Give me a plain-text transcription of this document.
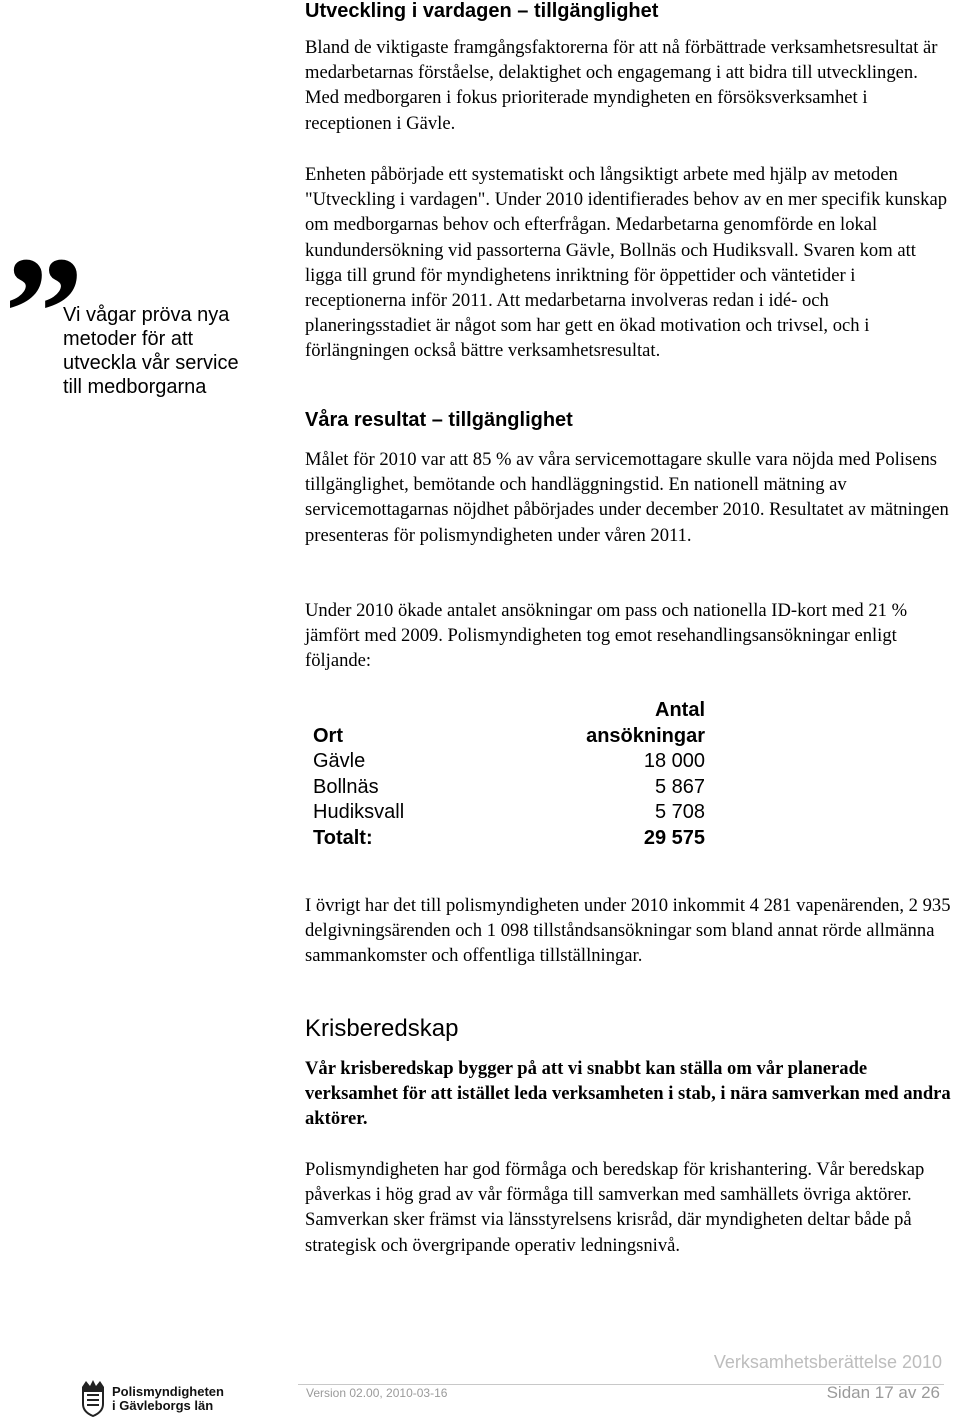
Utveckling i vardagen – tillgänglighet

Bland de viktigaste framgångsfaktorerna för att nå förbättrade verksamhetsresultat är medarbetarnas förståelse, delaktighet och engagemang i att bidra till utvecklingen. Med medborgaren i fokus prioriterade myndigheten en försöksverksamhet i receptionen i Gävle.

Enheten påbörjade ett systematiskt och långsiktigt arbete med hjälp av metoden "Utveckling i vardagen". Under 2010 identifierades behov av en mer specifik kunskap om medborgarnas behov och efterfrågan. Medarbetarna genomförde en lokal kundundersökning vid passorterna Gävle, Bollnäs och Hudiksvall. Svaren kom att ligga till grund för myndighetens inriktning för öppettider och väntetider i receptionerna inför 2011. Att medarbetarna involveras redan i idé- och planeringsstadiet är något som har gett en ökad motivation och trivsel, och i förlängningen också bättre verksamhetsresultat.

”
Vi vågar pröva nya metoder för att utveckla vår service till medborgarna
Våra resultat – tillgänglighet

Målet för 2010 var att 85 % av våra servicemottagare skulle vara nöjda med Polisens tillgänglighet, bemötande och handläggningstid. En nationell mätning av servicemottagarnas nöjdhet påbörjades under december 2010. Resultatet av mätningen presenteras för polismyndigheten under våren 2011.

Under 2010 ökade antalet ansökningar om pass och nationella ID-kort med 21 % jämfört med 2009. Polismyndigheten tog emot resehandlingsansökningar enligt följande:

	Antal
Ort	ansökningar
Gävle	18 000
Bollnäs	5 867
Hudiksvall	5 708
Totalt:	29 575

I övrigt har det till polismyndigheten under 2010 inkommit 4 281 vapenärenden, 2 935 delgivningsärenden och 1 098 tillståndsansökningar som bland annat rörde allmänna sammankomster och offentliga tillställningar.

Krisberedskap

Vår krisberedskap bygger på att vi snabbt kan ställa om vår planerade verksamhet för att istället leda verksamheten i stab, i nära samverkan med andra aktörer.

Polismyndigheten har god förmåga och beredskap för krishantering. Vår beredskap påverkas i hög grad av vår förmåga till samverkan med samhällets övriga aktörer. Samverkan sker främst via länsstyrelsens krisråd, där myndigheten deltar både på strategisk och övergripande operativ ledningsnivå.

Verksamhetsberättelse 2010
Version 02.00, 2010-03-16	Sidan 17 av 26
Polismyndigheten
i Gävleborgs län
